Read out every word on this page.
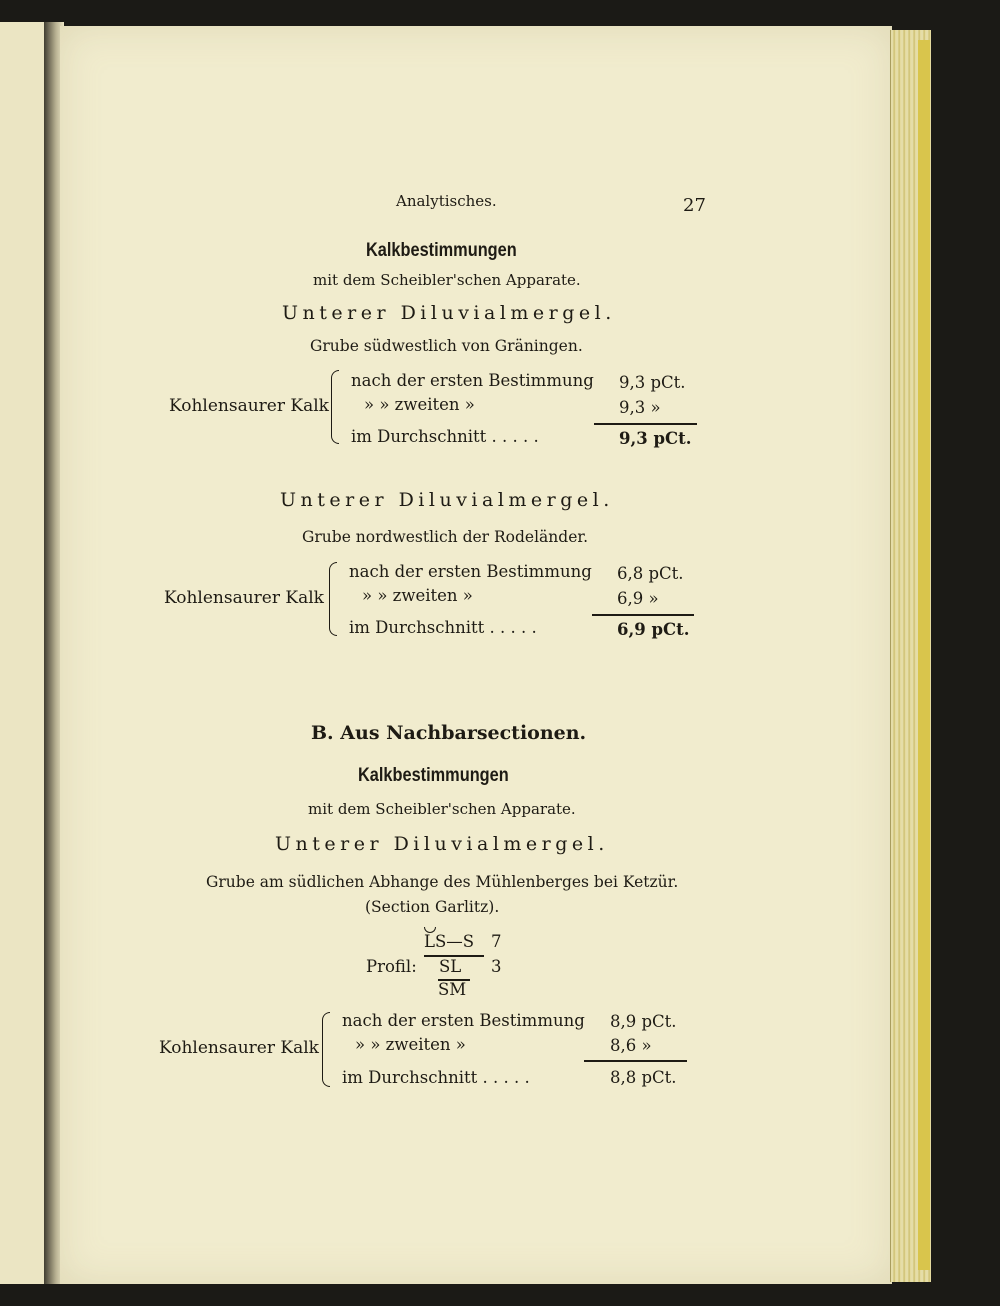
Analytisches.	27
Kalkbestimmungen
mit dem Scheibler'schen Apparate.
Unterer Diluvialmergel.
Grube südwestlich von Gräningen.
Kohlensaurer Kalk
nach der ersten Bestimmung 9,3 pCt.
» » zweiten »	9,3 »
im Durchschnitt . . . . .	9,3 pCt.
Unterer Diluvialmergel.
Grube nordwestlich der Rodeländer.
Kohlensaurer Kalk
nach der ersten Bestimmung 6,8 pCt.
» » zweiten »	6,9 »
im Durchschnitt . . . . .	6,9 pCt.
B. Aus Nachbarsectionen.
Kalkbestimmungen
mit dem Scheibler'schen Apparate.
Unterer Diluvialmergel.
Grube am südlichen Abhange des Mühlenberges bei Ketzür.
(Section Garlitz).
Profil:
LS—S 7
SL 3
SM
Kohlensaurer Kalk
nach der ersten Bestimmung 8,9 pCt.
» » zweiten »	8,6 »
im Durchschnitt . . . . .	8,8 pCt.
